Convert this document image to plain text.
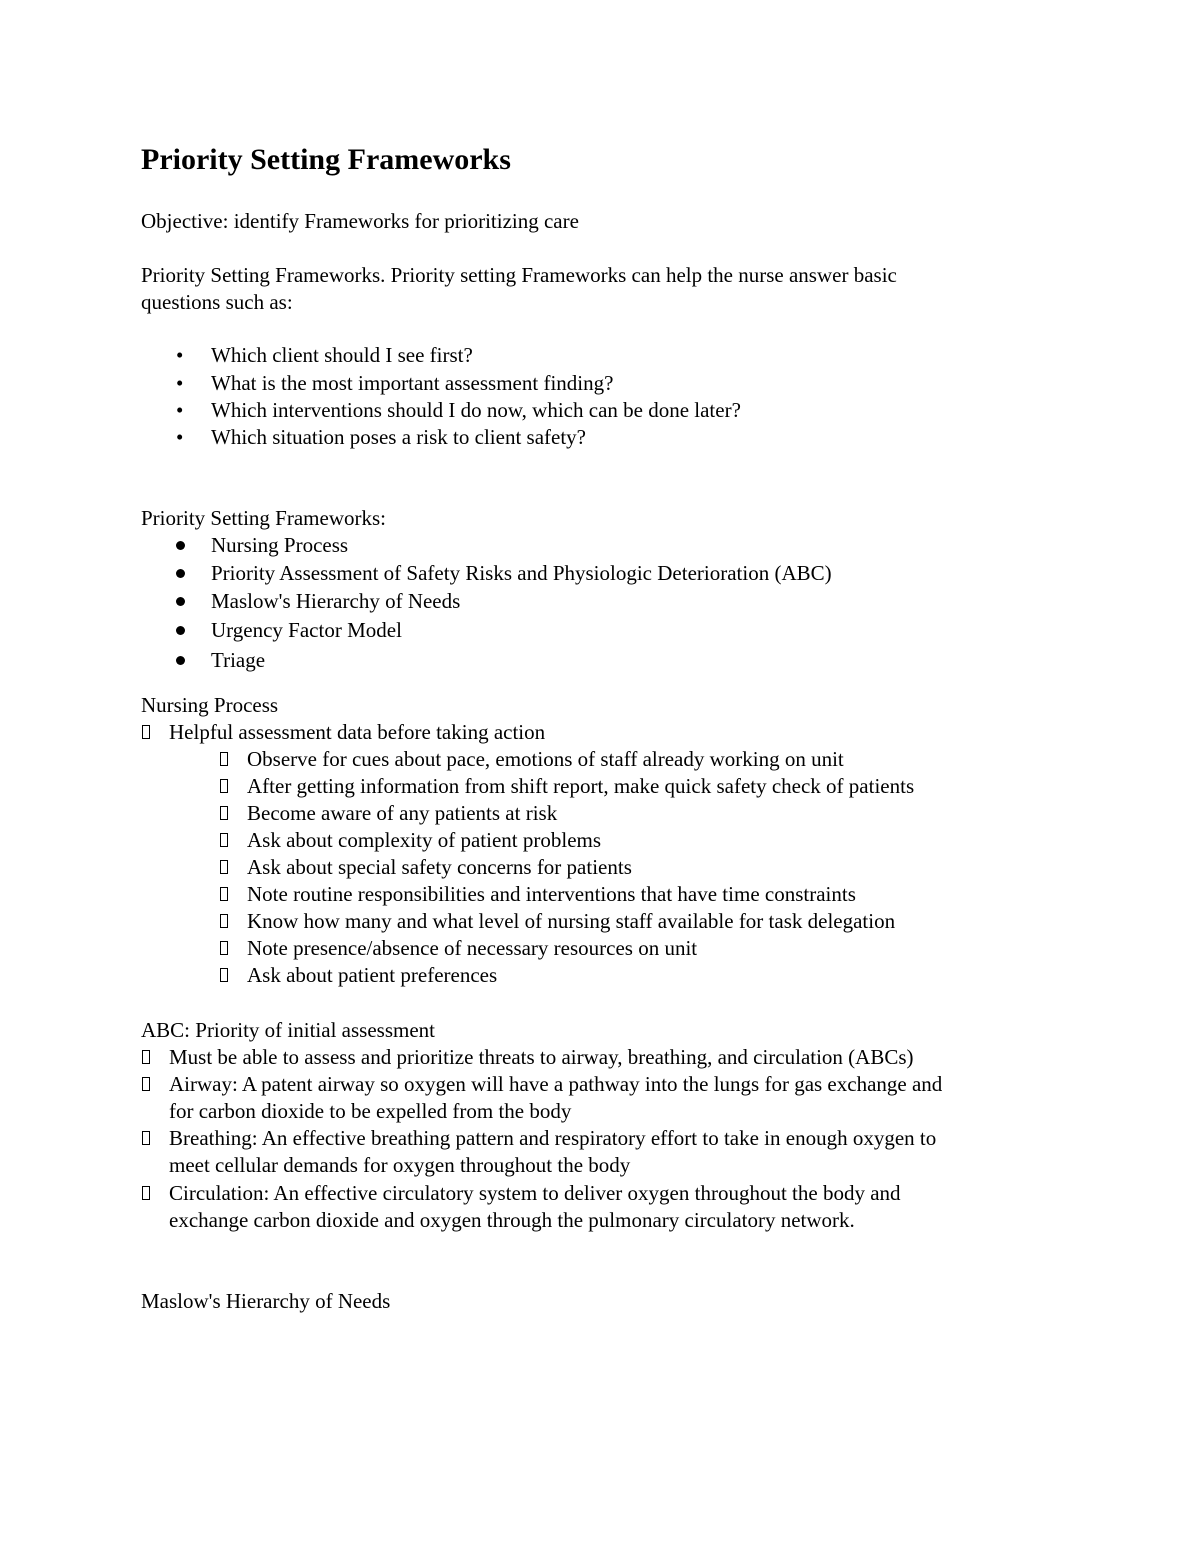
Priority Setting Frameworks
Objective: identify Frameworks for prioritizing care
Priority Setting Frameworks. Priority setting Frameworks can help the nurse answer basic
questions such as:
• Which client should I see first?
• What is the most important assessment finding?
• Which interventions should I do now, which can be done later?
• Which situation poses a risk to client safety?
Priority Setting Frameworks:
Nursing Process
Priority Assessment of Safety Risks and Physiologic Deterioration (ABC)
Maslow's Hierarchy of Needs
Urgency Factor Model
Triage
Nursing Process
Helpful assessment data before taking action
Observe for cues about pace, emotions of staff already working on unit
After getting information from shift report, make quick safety check of patients
Become aware of any patients at risk
Ask about complexity of patient problems
Ask about special safety concerns for patients
Note routine responsibilities and interventions that have time constraints
Know how many and what level of nursing staff available for task delegation
Note presence/absence of necessary resources on unit
Ask about patient preferences
ABC: Priority of initial assessment
Must be able to assess and prioritize threats to airway, breathing, and circulation (ABCs)
Airway: A patent airway so oxygen will have a pathway into the lungs for gas exchange and
for carbon dioxide to be expelled from the body
Breathing: An effective breathing pattern and respiratory effort to take in enough oxygen to
meet cellular demands for oxygen throughout the body
Circulation: An effective circulatory system to deliver oxygen throughout the body and
exchange carbon dioxide and oxygen through the pulmonary circulatory network.
Maslow's Hierarchy of Needs
